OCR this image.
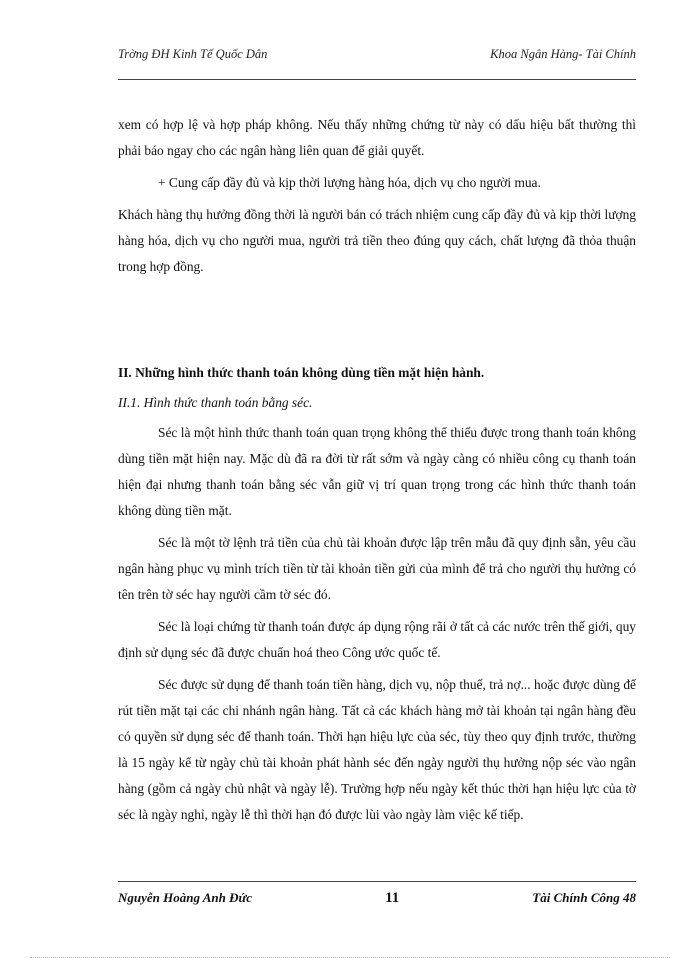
Trờng ĐH Kinh Tế Quốc Dân	Khoa Ngân Hàng- Tài Chính

xem có hợp lệ và hợp pháp không. Nếu thấy những chứng từ này có dấu hiệu bất thường thì phải báo ngay cho các ngân hàng liên quan để giải quyết.

+ Cung cấp đầy đủ và kịp thời lượng hàng hóa, dịch vụ cho người mua.

Khách hàng thụ hưởng đồng thời là người bán có trách nhiệm cung cấp đầy đủ và kịp thời lượng hàng hóa, dịch vụ cho người mua, người trả tiền theo đúng quy cách, chất lượng đã thỏa thuận trong hợp đồng.

II. Những hình thức thanh toán không dùng tiền mặt hiện hành.

II.1. Hình thức thanh toán bằng séc.

Séc là một hình thức thanh toán quan trọng không thể thiếu được trong thanh toán không dùng tiền mặt hiện nay. Mặc dù đã ra đời từ rất sớm và ngày càng có nhiều công cụ thanh toán hiện đại nhưng thanh toán bằng séc vẫn giữ vị trí quan trọng trong các hình thức thanh toán không dùng tiền mặt.

Séc là một tờ lệnh trả tiền của chủ tài khoản được lập trên mẫu đã quy định sẵn, yêu cầu ngân hàng phục vụ mình trích tiền từ tài khoản tiền gửi của mình để trả cho người thụ hưởng có tên trên tờ séc hay người cầm tờ séc đó.

Séc là loại chứng từ thanh toán được áp dụng rộng rãi ở tất cả các nước trên thế giới, quy định sử dụng séc đã được chuẩn hoá theo Công ước quốc tế.

Séc được sử dụng để thanh toán tiền hàng, dịch vụ, nộp thuế, trả nợ... hoặc được dùng để rút tiền mặt tại các chi nhánh ngân hàng. Tất cả các khách hàng mở tài khoản tại ngân hàng đều có quyền sử dụng séc để thanh toán. Thời hạn hiệu lực của séc, tùy theo quy định trước, thường là 15 ngày kể từ ngày chủ tài khoản phát hành séc đến ngày người thụ hưởng nộp séc vào ngân hàng (gồm cả ngày chủ nhật và ngày lễ). Trường hợp nếu ngày kết thúc thời hạn hiệu lực của tờ séc là ngày nghỉ, ngày lễ thì thời hạn đó được lùi vào ngày làm việc kế tiếp.

Nguyễn Hoàng Anh Đức	11	Tài Chính Công 48
